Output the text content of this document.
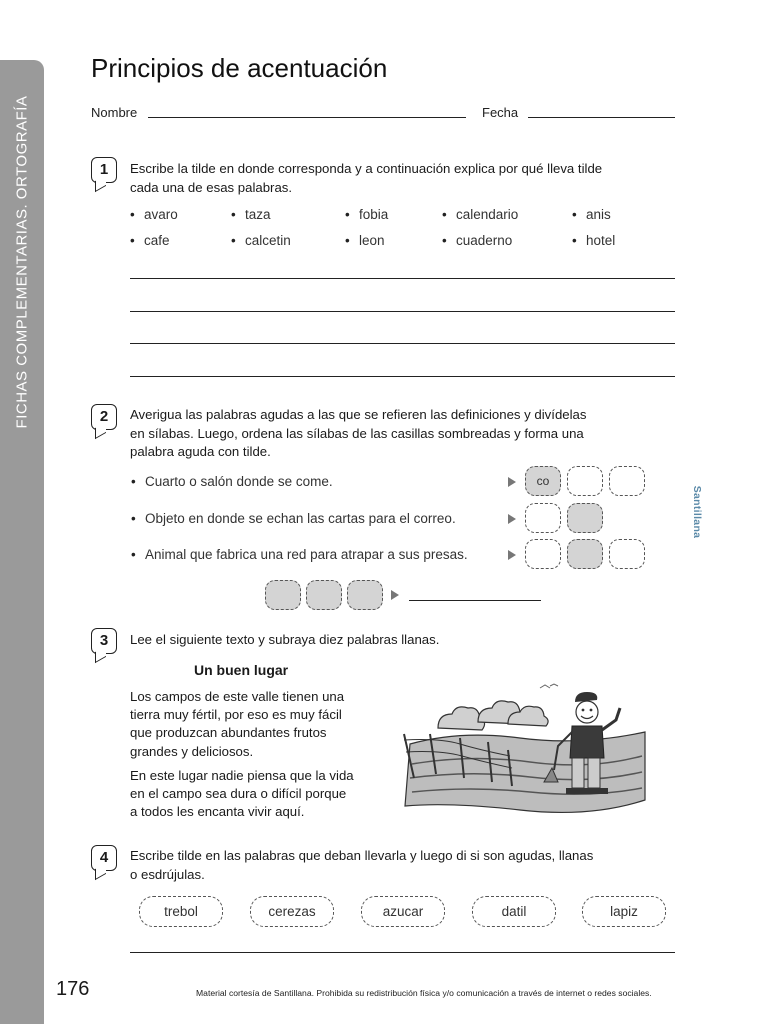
FICHAS COMPLEMENTARIAS. ORTOGRAFÍA
176
Principios de acentuación
Nombre	Fecha
1	Escribe la tilde en donde corresponda y a continuación explica por qué lleva tilde
cada una de esas palabras.
• avaro	• taza	• fobia	• calendario	• anis
• cafe	• calcetin	• leon	• cuaderno	• hotel
2	Averigua las palabras agudas a las que se refieren las definiciones y divídelas
en sílabas. Luego, ordena las sílabas de las casillas sombreadas y forma una
palabra aguda con tilde.
• Cuarto o salón donde se come.	co
• Objeto en donde se echan las cartas para el correo.
• Animal que fabrica una red para atrapar a sus presas.
3	Lee el siguiente texto y subraya diez palabras llanas.
Un buen lugar
Los campos de este valle tienen una
tierra muy fértil, por eso es muy fácil
que produzcan abundantes frutos
grandes y deliciosos.
En este lugar nadie piensa que la vida
en el campo sea dura o difícil porque
a todos les encanta vivir aquí.
4	Escribe tilde en las palabras que deban llevarla y luego di si son agudas, llanas
o esdrújulas.
trebol	cerezas	azucar	datil	lapiz
Santillana
Material cortesía de Santillana. Prohibida su redistribución física y/o comunicación a través de internet o redes sociales.
